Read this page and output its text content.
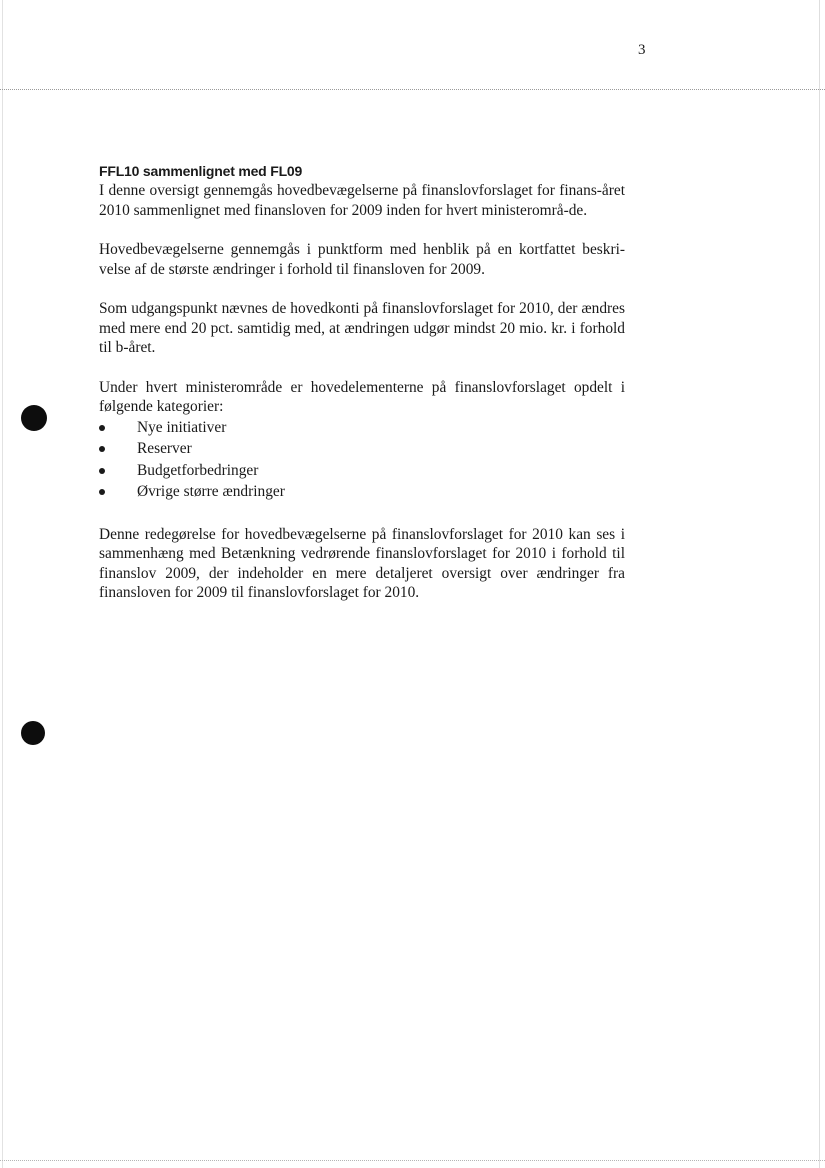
3
FFL10 sammenlignet med FL09

I denne oversigt gennemgås hovedbevægelserne på finanslovforslaget for finans-året 2010 sammenlignet med finansloven for 2009 inden for hvert ministerområ-de.

Hovedbevægelserne gennemgås i punktform med henblik på en kortfattet beskri-velse af de største ændringer i forhold til finansloven for 2009.

Som udgangspunkt nævnes de hovedkonti på finanslovforslaget for 2010, der ændres med mere end 20 pct. samtidig med, at ændringen udgør mindst 20 mio. kr. i forhold til b-året.

Under hvert ministerområde er hovedelementerne på finanslovforslaget opdelt i følgende kategorier:

Nye initiativer
Reserver
Budgetforbedringer
Øvrige større ændringer

Denne redegørelse for hovedbevægelserne på finanslovforslaget for 2010 kan ses i sammenhæng med Betænkning vedrørende finanslovforslaget for 2010 i forhold til finanslov 2009, der indeholder en mere detaljeret oversigt over ændringer fra finansloven for 2009 til finanslovforslaget for 2010.
